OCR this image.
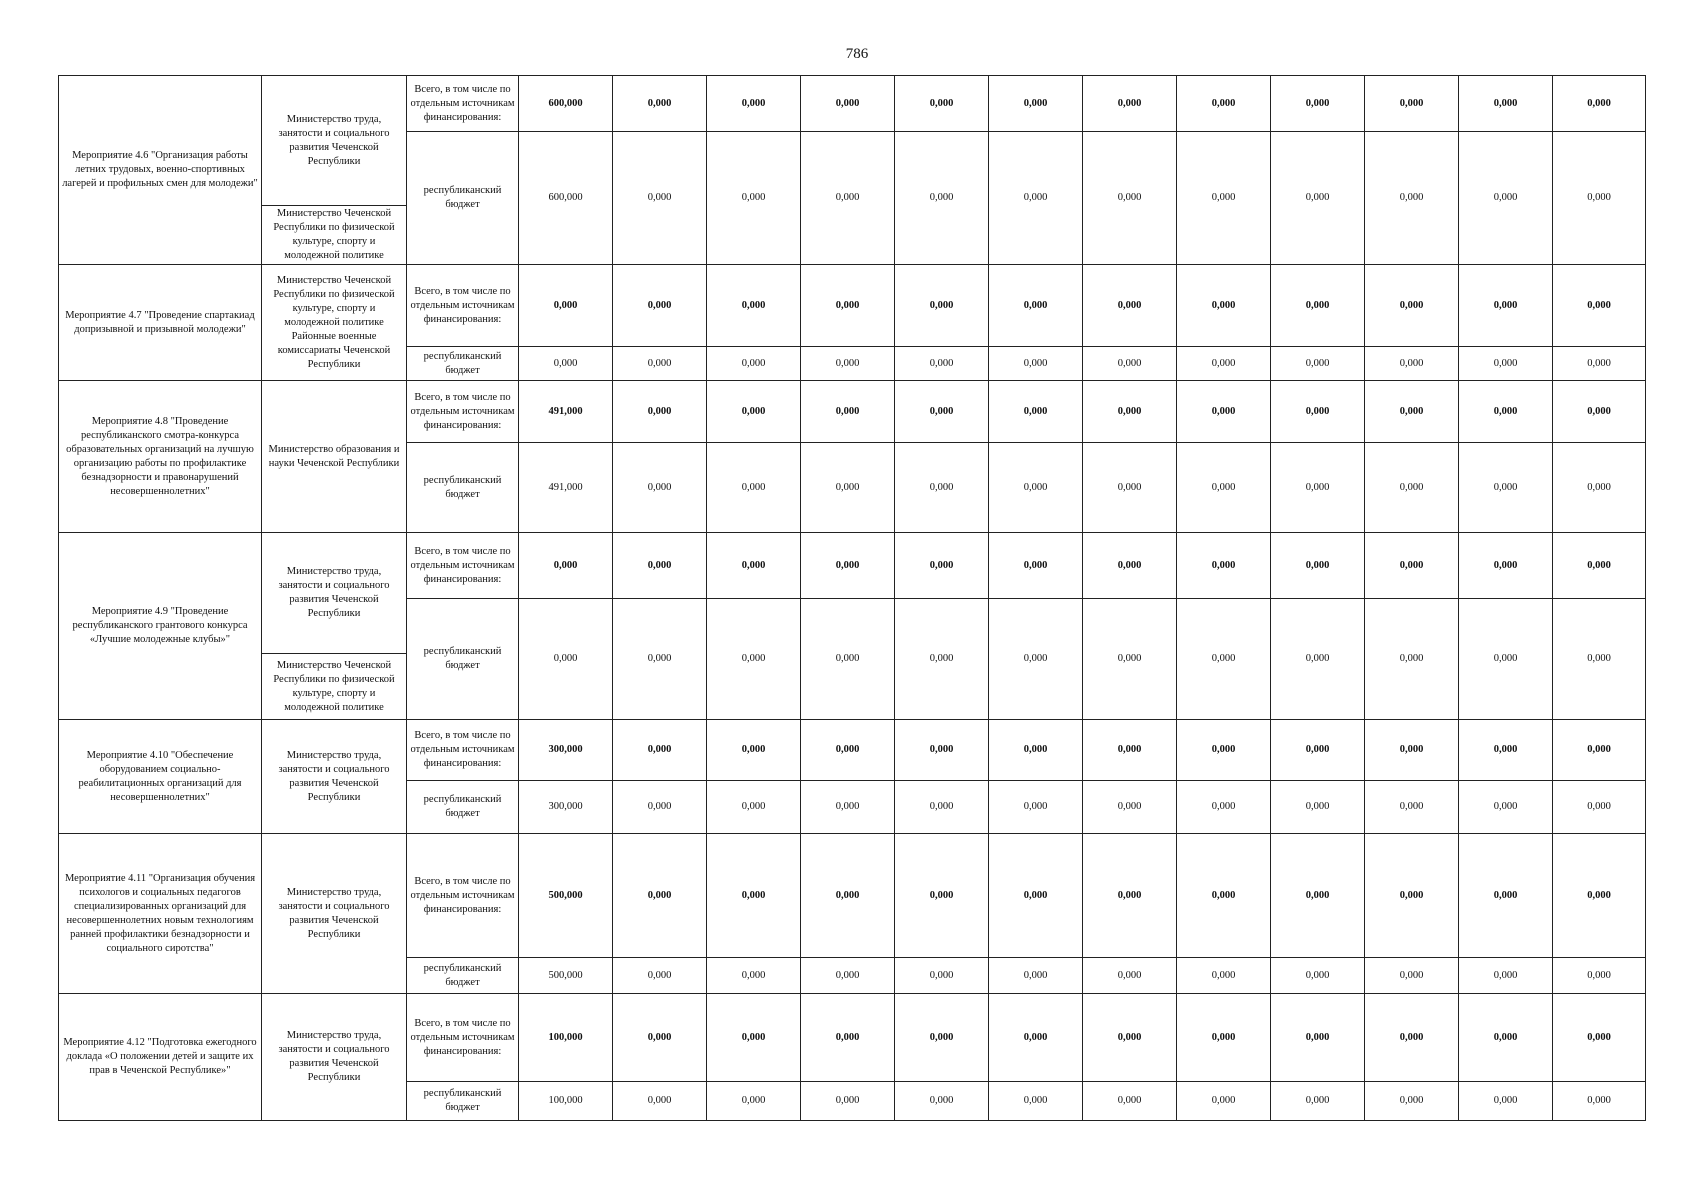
786
Мероприятие 4.6 "Организация работы летних трудовых, военно-спортивных лагерей и профильных смен для молодежи"	Министерство труда, занятости и социального развития Чеченской Республики	Всего, в том числе по отдельным источникам финансирования:	600,000	0,000	0,000	0,000	0,000	0,000	0,000	0,000	0,000	0,000	0,000	0,000
		республиканский бюджет	600,000	0,000	0,000	0,000	0,000	0,000	0,000	0,000	0,000	0,000	0,000	0,000
	Министерство Чеченской Республики по физической культуре, спорту и молодежной политике													
Мероприятие 4.7 "Проведение спартакиад допризывной и призывной молодежи"	Министерство Чеченской Республики по физической культуре, спорту и молодежной политике Районные военные комиссариаты Чеченской Республики	Всего, в том числе по отдельным источникам финансирования:	0,000	0,000	0,000	0,000	0,000	0,000	0,000	0,000	0,000	0,000	0,000	0,000
		республиканский бюджет	0,000	0,000	0,000	0,000	0,000	0,000	0,000	0,000	0,000	0,000	0,000	0,000
Мероприятие 4.8 "Проведение республиканского смотра-конкурса образовательных организаций на лучшую организацию работы по профилактике безнадзорности и правонарушений несовершеннолетних"	Министерство образования и науки Чеченской Республики	Всего, в том числе по отдельным источникам финансирования:	491,000	0,000	0,000	0,000	0,000	0,000	0,000	0,000	0,000	0,000	0,000	0,000
		республиканский бюджет	491,000	0,000	0,000	0,000	0,000	0,000	0,000	0,000	0,000	0,000	0,000	0,000
Мероприятие 4.9 "Проведение республиканского грантового конкурса «Лучшие молодежные клубы»"	Министерство труда, занятости и социального развития Чеченской Республики	Всего, в том числе по отдельным источникам финансирования:	0,000	0,000	0,000	0,000	0,000	0,000	0,000	0,000	0,000	0,000	0,000	0,000
		республиканский бюджет	0,000	0,000	0,000	0,000	0,000	0,000	0,000	0,000	0,000	0,000	0,000	0,000
	Министерство Чеченской Республики по физической культуре, спорту и молодежной политике													
Мероприятие 4.10 "Обеспечение оборудованием социально-реабилитационных организаций для несовершеннолетних"	Министерство труда, занятости и социального развития Чеченской Республики	Всего, в том числе по отдельным источникам финансирования:	300,000	0,000	0,000	0,000	0,000	0,000	0,000	0,000	0,000	0,000	0,000	0,000
		республиканский бюджет	300,000	0,000	0,000	0,000	0,000	0,000	0,000	0,000	0,000	0,000	0,000	0,000
Мероприятие 4.11 "Организация обучения психологов и социальных педагогов специализированных организаций для несовершеннолетних новым технологиям ранней профилактики безнадзорности и социального сиротства"	Министерство труда, занятости и социального развития Чеченской Республики	Всего, в том числе по отдельным источникам финансирования:	500,000	0,000	0,000	0,000	0,000	0,000	0,000	0,000	0,000	0,000	0,000	0,000
		республиканский бюджет	500,000	0,000	0,000	0,000	0,000	0,000	0,000	0,000	0,000	0,000	0,000	0,000
Мероприятие 4.12 "Подготовка ежегодного доклада «О положении детей и защите их прав в Чеченской Республике»"	Министерство труда, занятости и социального развития Чеченской Республики	Всего, в том числе по отдельным источникам финансирования:	100,000	0,000	0,000	0,000	0,000	0,000	0,000	0,000	0,000	0,000	0,000	0,000
		республиканский бюджет	100,000	0,000	0,000	0,000	0,000	0,000	0,000	0,000	0,000	0,000	0,000	0,000
